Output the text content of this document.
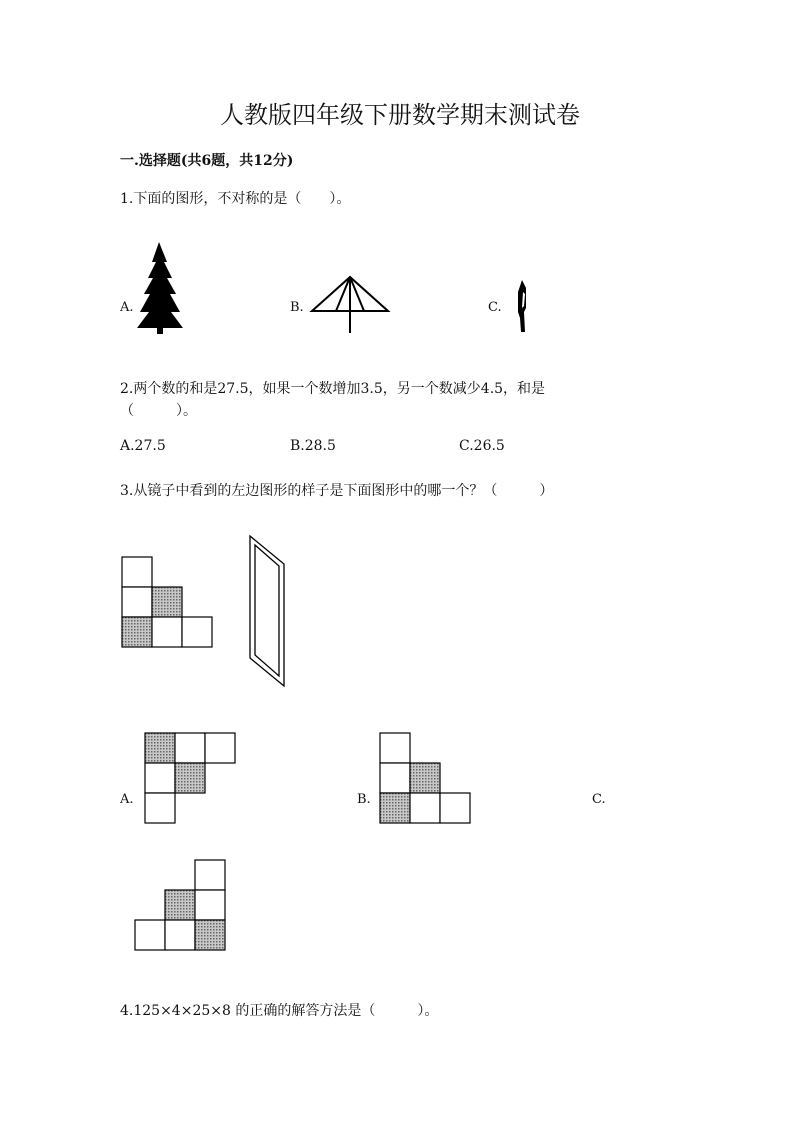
人教版四年级下册数学期末测试卷
一.选择题(共6题，共12分)
1.下面的图形，不对称的是（　　）。
A.	B.	C.
2.两个数的和是27.5，如果一个数增加3.5，另一个数减少4.5，和是
（　　　）。
A.27.5	B.28.5	C.26.5
3.从镜子中看到的左边图形的样子是下面图形中的哪一个？（　　　）
A.	B.	C.
4.125×4×25×8 的正确的解答方法是（　　　）。
